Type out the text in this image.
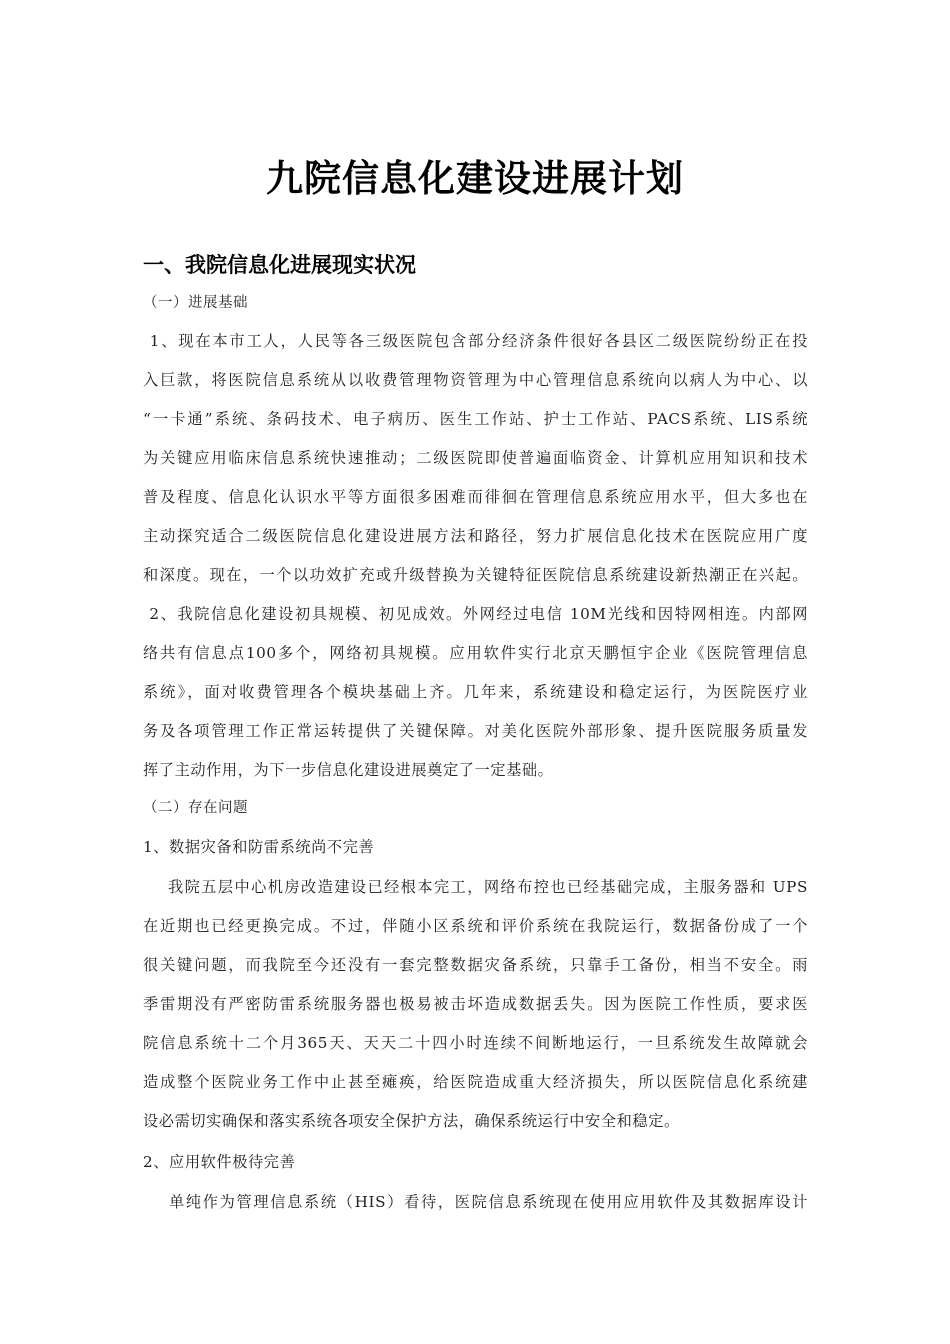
九院信息化建设进展计划
一、我院信息化进展现实状况

（一）进展基础

1、现在本市工人，人民等各三级医院包含部分经济条件很好各县区二级医院纷纷正在投

入巨款，将医院信息系统从以收费管理物资管理为中心管理信息系统向以病人为中心、以

“一卡通”系统、条码技术、电子病历、医生工作站、护士工作站、PACS系统、LIS系统

为关键应用临床信息系统快速推动；二级医院即使普遍面临资金、计算机应用知识和技术

普及程度、信息化认识水平等方面很多困难而徘徊在管理信息系统应用水平，但大多也在

主动探究适合二级医院信息化建设进展方法和路径，努力扩展信息化技术在医院应用广度

和深度。现在，一个以功效扩充或升级替换为关键特征医院信息系统建设新热潮正在兴起。

2、我院信息化建设初具规模、初见成效。外网经过电信 10M光线和因特网相连。内部网

络共有信息点100多个，网络初具规模。应用软件实行北京天鹏恒宇企业《医院管理信息

系统》，面对收费管理各个模块基础上齐。几年来，系统建设和稳定运行，为医院医疗业

务及各项管理工作正常运转提供了关键保障。对美化医院外部形象、提升医院服务质量发

挥了主动作用，为下一步信息化建设进展奠定了一定基础。

（二）存在问题

1、数据灾备和防雷系统尚不完善

我院五层中心机房改造建设已经根本完工，网络布控也已经基础完成，主服务器和 UPS

在近期也已经更换完成。不过，伴随小区系统和评价系统在我院运行，数据备份成了一个

很关键问题，而我院至今还没有一套完整数据灾备系统，只靠手工备份，相当不安全。雨

季雷期没有严密防雷系统服务器也极易被击坏造成数据丢失。因为医院工作性质，要求医

院信息系统十二个月365天、天天二十四小时连续不间断地运行，一旦系统发生故障就会

造成整个医院业务工作中止甚至瘫痪，给医院造成重大经济损失，所以医院信息化系统建

设必需切实确保和落实系统各项安全保护方法，确保系统运行中安全和稳定。

2、应用软件极待完善

单纯作为管理信息系统（HIS）看待，医院信息系统现在使用应用软件及其数据库设计
